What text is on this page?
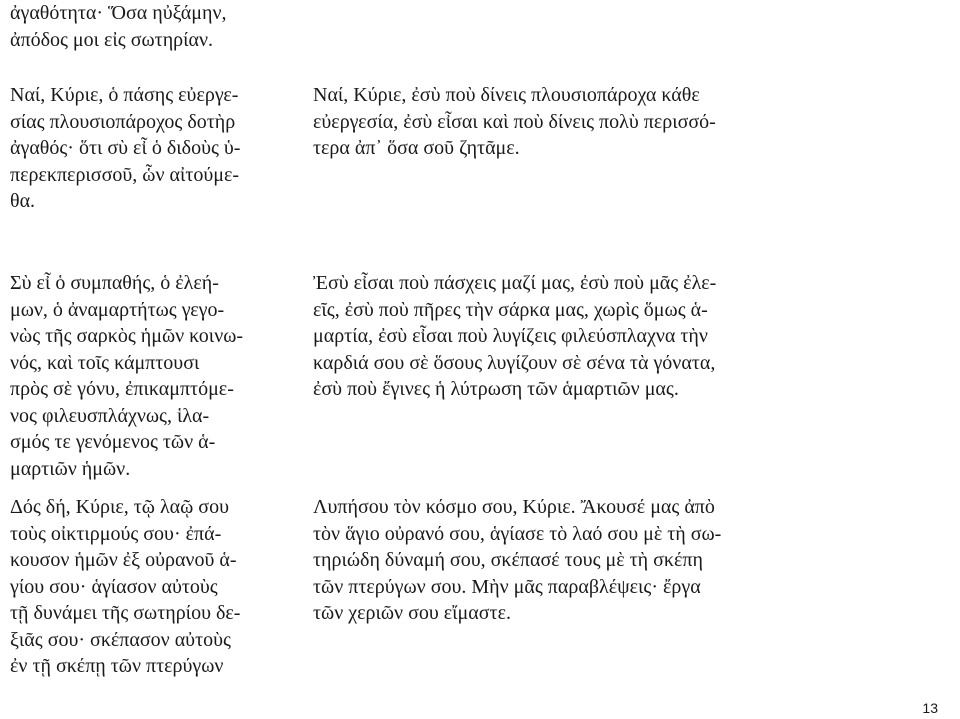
ἀγαθότητα· Ὅσα ηὐξάμην,
ἀπόδος μοι εἰς σωτηρίαν.
Ναί, Κύριε, ὁ πάσης εὐεργε-
σίας πλουσιοπάροχος δοτὴρ
ἀγαθός· ὅτι σὺ εἶ ὁ διδοὺς ὑ-
περεκπερισσοῦ, ὧν αἰτούμε-
θα.
Σὺ εἶ ὁ συμπαθής, ὁ ἐλεή-
μων, ὁ ἀναμαρτήτως γεγο-
νὼς τῆς σαρκὸς ἡμῶν κοινω-
νός, καὶ τοῖς κάμπτουσι
πρὸς σὲ γόνυ, ἐπικαμπτόμε-
νος φιλευσπλάχνως, ἱλα-
σμός τε γενόμενος τῶν ἁ-
μαρτιῶν ἡμῶν.
Δός δή, Κύριε, τῷ λαῷ σου
τοὺς οἰκτιρμούς σου· ἐπά-
κουσον ἡμῶν ἐξ οὐρανοῦ ἁ-
γίου σου· ἁγίασον αὐτοὺς
τῇ δυνάμει τῆς σωτηρίου δε-
ξιᾶς σου· σκέπασον αὐτοὺς
ἐν τῇ σκέπῃ τῶν πτερύγων
Ναί, Κύριε, ἐσὺ ποὺ δίνεις πλουσιοπάροχα κάθε
εὐεργεσία, ἐσὺ εἶσαι καὶ ποὺ δίνεις πολὺ περισσό-
τερα ἀπ᾽ ὅσα σοῦ ζητᾶμε.
Ἐσὺ εἶσαι ποὺ πάσχεις μαζί μας, ἐσὺ ποὺ μᾶς ἐλε-
εῖς, ἐσὺ ποὺ πῆρες τὴν σάρκα μας, χωρὶς ὅμως ἁ-
μαρτία, ἐσὺ εἶσαι ποὺ λυγίζεις φιλεύσπλαχνα τὴν
καρδιά σου σὲ ὅσους λυγίζουν σὲ σένα τὰ γόνατα,
ἐσὺ ποὺ ἔγινες ἡ λύτρωση τῶν ἁμαρτιῶν μας.
Λυπήσου τὸν κόσμο σου, Κύριε. Ἄκουσέ μας ἀπὸ
τὸν ἅγιο οὐρανό σου, ἁγίασε τὸ λαό σου μὲ τὴ σω-
τηριώδη δύναμή σου, σκέπασέ τους μὲ τὴ σκέπη
τῶν πτερύγων σου. Μὴν μᾶς παραβλέψεις· ἔργα
τῶν χεριῶν σου εἴμαστε.
13
